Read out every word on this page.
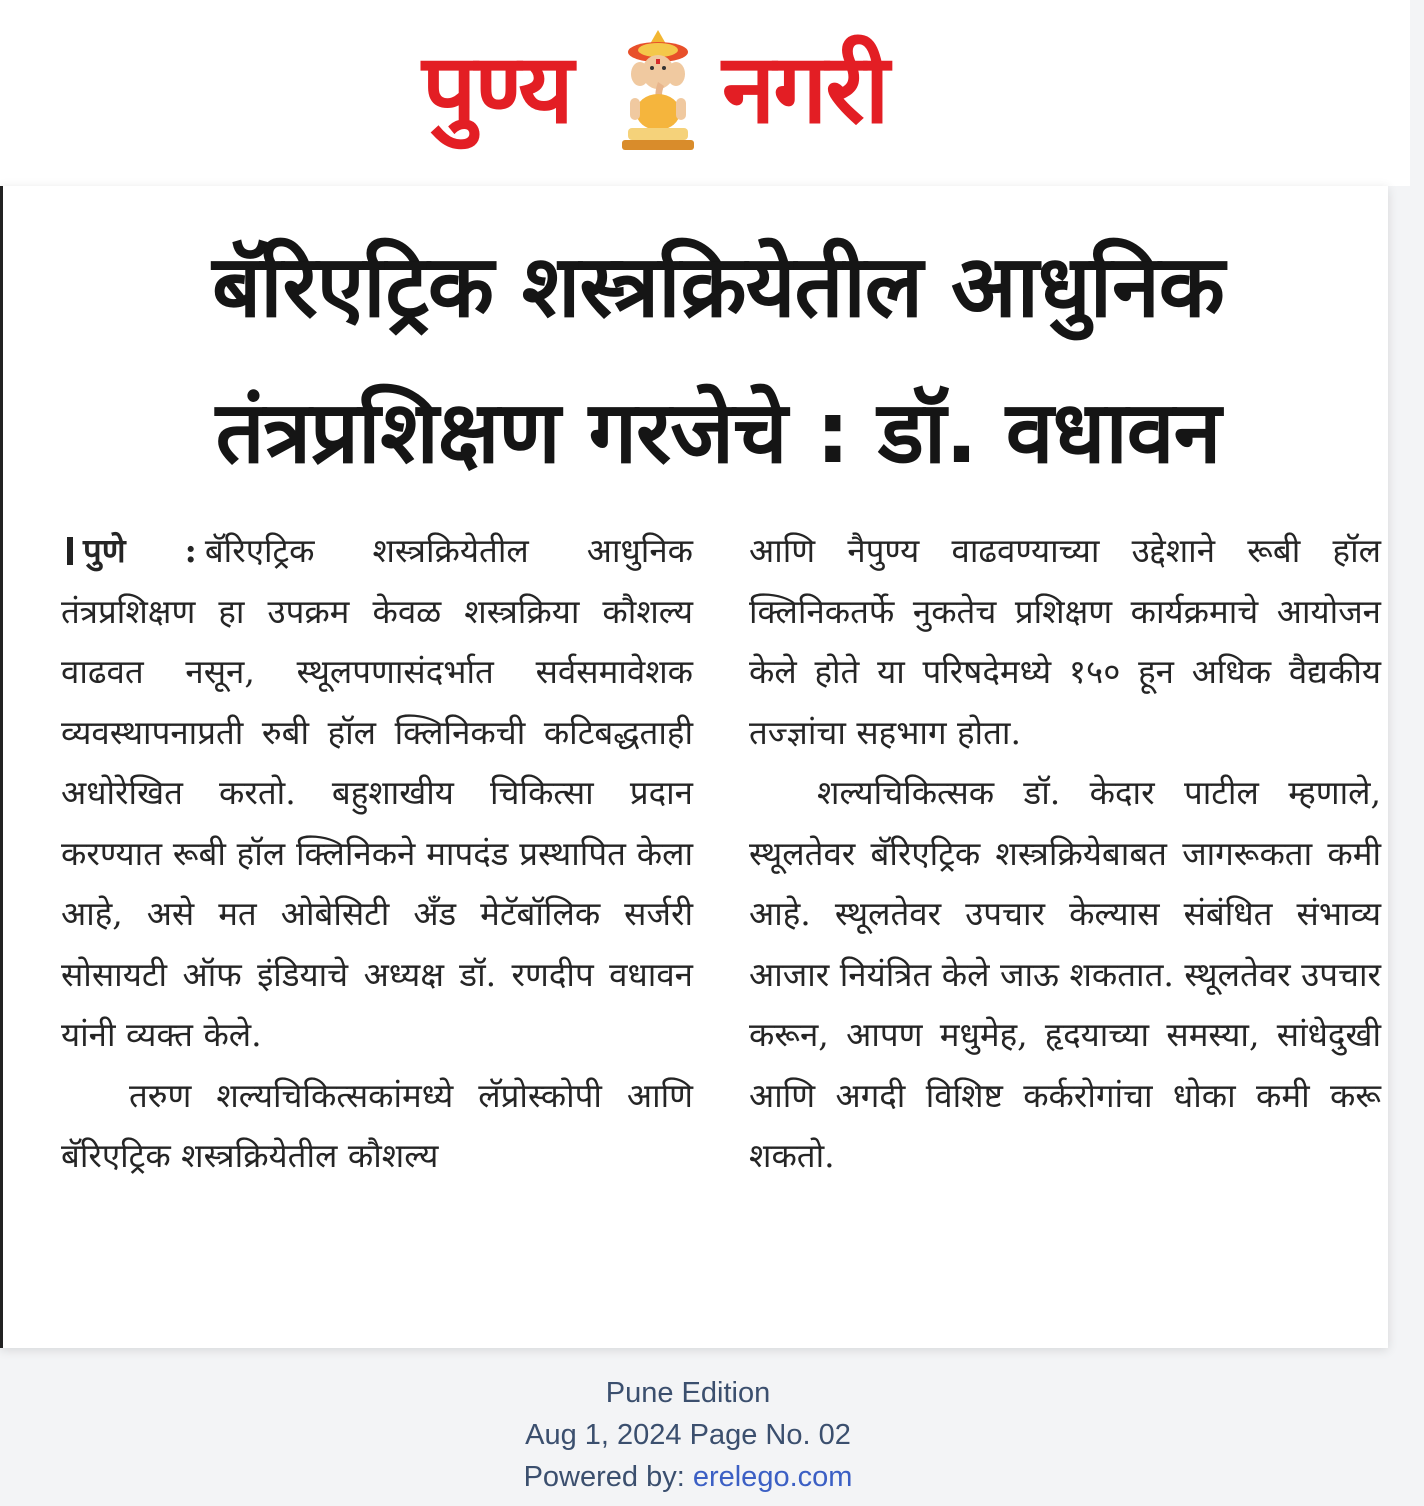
पुण्य नगरी
बॅरिएट्रिक शस्त्रक्रियेतील आधुनिक तंत्रप्रशिक्षण गरजेचे : डॉ. वधावन

पुणे : बॅरिएट्रिक शस्त्रक्रियेतील आधुनिक तंत्रप्रशिक्षण हा उपक्रम केवळ शस्त्रक्रिया कौशल्य वाढवत नसून, स्थूलपणासंदर्भात सर्वसमावेशक व्यवस्थापनाप्रती रुबी हॉल क्लिनिकची कटिबद्धताही अधोरेखित करतो. बहुशाखीय चिकित्सा प्रदान करण्यात रूबी हॉल क्लिनिकने मापदंड प्रस्थापित केला आहे, असे मत ओबेसिटी अँड मेटॅबॉलिक सर्जरी सोसायटी ऑफ इंडियाचे अध्यक्ष डॉ. रणदीप वधावन यांनी व्यक्त केले.

तरुण शल्यचिकित्सकांमध्ये लॅप्रोस्कोपी आणि बॅरिएट्रिक शस्त्रक्रियेतील कौशल्य

आणि नैपुण्य वाढवण्याच्या उद्देशाने रूबी हॉल क्लिनिकतर्फे नुकतेच प्रशिक्षण कार्यक्रमाचे आयोजन केले होते या परिषदेमध्ये १५० हून अधिक वैद्यकीय तज्ज्ञांचा सहभाग होता.

शल्यचिकित्सक डॉ. केदार पाटील म्हणाले, स्थूलतेवर बॅरिएट्रिक शस्त्रक्रियेबाबत जागरूकता कमी आहे. स्थूलतेवर उपचार केल्यास संबंधित संभाव्य आजार नियंत्रित केले जाऊ शकतात. स्थूलतेवर उपचार करून, आपण मधुमेह, हृदयाच्या समस्या, सांधेदुखी आणि अगदी विशिष्ट कर्करोगांचा धोका कमी करू शकतो.

Pune Edition
Aug 1, 2024 Page No. 02
Powered by: erelego.com
